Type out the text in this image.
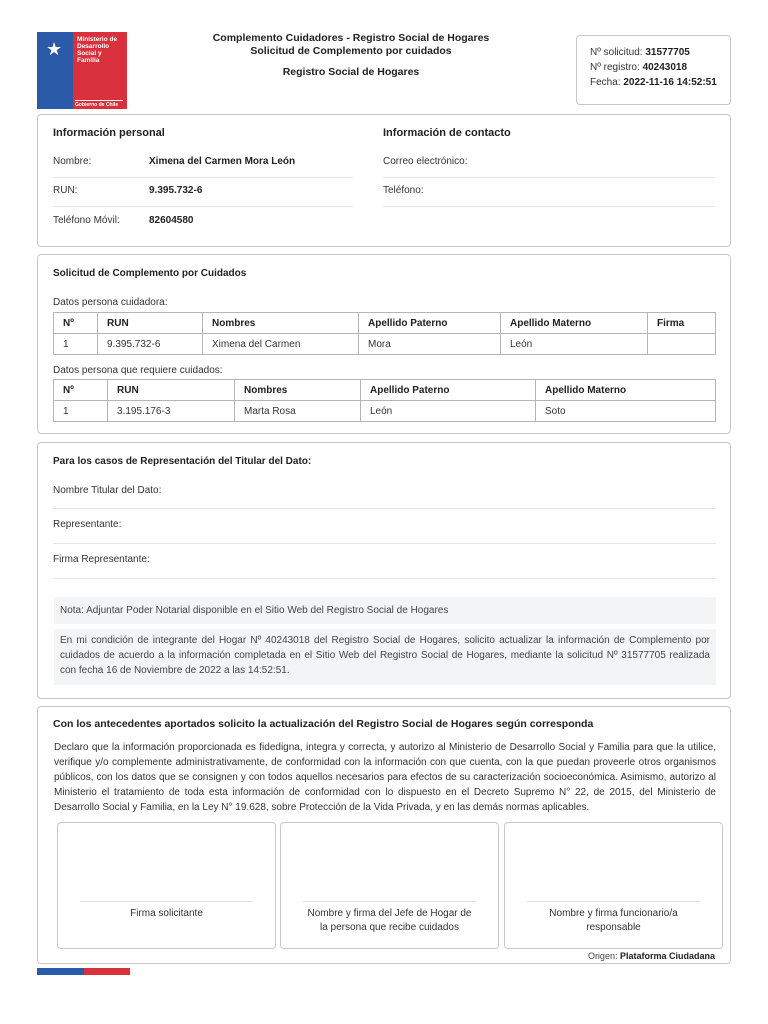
★ Ministerio de Desarrollo Social y Familia
Gobierno de Chile
Complemento Cuidadores - Registro Social de Hogares
Solicitud de Complemento por cuidados
Registro Social de Hogares
Nº solicitud: 31577705
Nº registro: 40243018
Fecha: 2022-11-16 14:52:51
Información personal	Información de contacto
Nombre:	Ximena del Carmen Mora León	Correo electrónico:
RUN:	9.395.732-6	Teléfono:
Teléfono Móvil:	82604580
Solicitud de Complemento por Cuidados
Datos persona cuidadora:
Nº	RUN	Nombres	Apellido Paterno	Apellido Materno	Firma
1	9.395.732-6	Ximena del Carmen	Mora	León	
Datos persona que requiere cuidados:
Nº	RUN	Nombres	Apellido Paterno	Apellido Materno
1	3.195.176-3	Marta Rosa	León	Soto
Para los casos de Representación del Titular del Dato:
Nombre Titular del Dato:
Representante:
Firma Representante:
Nota: Adjuntar Poder Notarial disponible en el Sitio Web del Registro Social de Hogares
En mi condición de integrante del Hogar Nº 40243018 del Registro Social de Hogares, solicito actualizar la información de Complemento por cuidados de acuerdo a la información completada en el Sitio Web del Registro Social de Hogares, mediante la solicitud Nº 31577705 realizada con fecha 16 de Noviembre de 2022 a las 14:52:51.
Con los antecedentes aportados solicito la actualización del Registro Social de Hogares según corresponda
Declaro que la información proporcionada es fidedigna, integra y correcta, y autorizo al Ministerio de Desarrollo Social y Familia para que la utilice, verifique y/o complemente administrativamente, de conformidad con la información con que cuenta, con la que puedan proveerle otros organismos públicos, con los datos que se consignen y con todos aquellos necesarios para efectos de su caracterización socioeconómica. Asimismo, autorizo al Ministerio el tratamiento de toda esta información de conformidad con lo dispuesto en el Decreto Supremo N° 22, de 2015, del Ministerio de Desarrollo Social y Familia, en la Ley N° 19.628, sobre Protección de la Vida Privada, y en las demás normas aplicables.
Firma solicitante	Nombre y firma del Jefe de Hogar de la persona que recibe cuidados
Nombre y firma funcionario/a responsable
Origen: Plataforma Ciudadana
